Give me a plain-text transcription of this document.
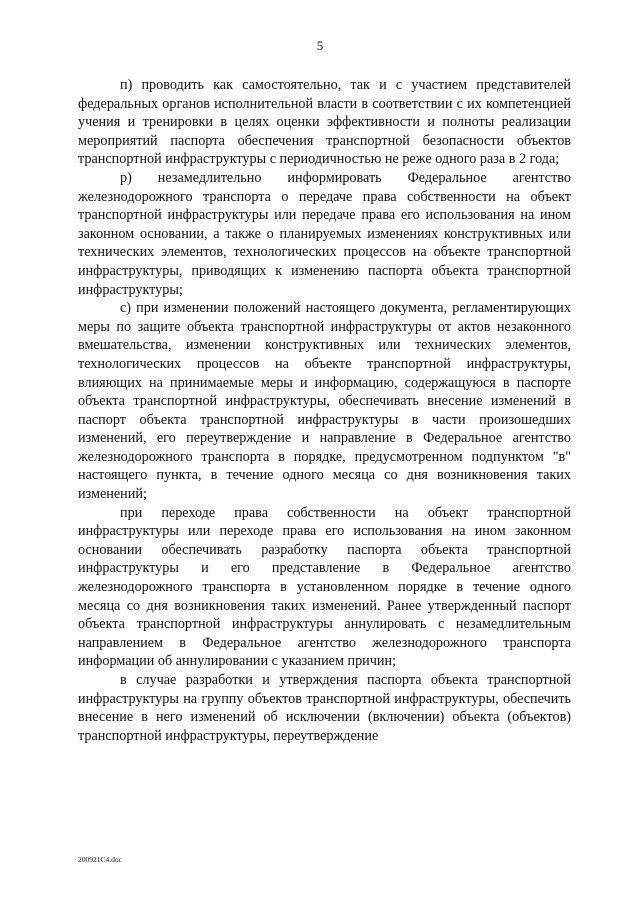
5

п) проводить как самостоятельно, так и с участием представителей федеральных органов исполнительной власти в соответствии с их компетенцией учения и тренировки в целях оценки эффективности и полноты реализации мероприятий паспорта обеспечения транспортной безопасности объектов транспортной инфраструктуры с периодичностью не реже одного раза в 2 года;

р) незамедлительно информировать Федеральное агентство железнодорожного транспорта о передаче права собственности на объект транспортной инфраструктуры или передаче права его использования на ином законном основании, а также о планируемых изменениях конструктивных или технических элементов, технологических процессов на объекте транспортной инфраструктуры, приводящих к изменению паспорта объекта транспортной инфраструктуры;

с) при изменении положений настоящего документа, регламентирующих меры по защите объекта транспортной инфраструктуры от актов незаконного вмешательства, изменении конструктивных или технических элементов, технологических процессов на объекте транспортной инфраструктуры, влияющих на принимаемые меры и информацию, содержащуюся в паспорте объекта транспортной инфраструктуры, обеспечивать внесение изменений в паспорт объекта транспортной инфраструктуры в части произошедших изменений, его переутверждение и направление в Федеральное агентство железнодорожного транспорта в порядке, предусмотренном подпунктом "в" настоящего пункта, в течение одного месяца со дня возникновения таких изменений;

при переходе права собственности на объект транспортной инфраструктуры или переходе права его использования на ином законном основании обеспечивать разработку паспорта объекта транспортной инфраструктуры и его представление в Федеральное агентство железнодорожного транспорта в установленном порядке в течение одного месяца со дня возникновения таких изменений. Ранее утвержденный паспорт объекта транспортной инфраструктуры аннулировать с незамедлительным направлением в Федеральное агентство железнодорожного транспорта информации об аннулировании с указанием причин;

в случае разработки и утверждения паспорта объекта транспортной инфраструктуры на группу объектов транспортной инфраструктуры, обеспечить внесение в него изменений об исключении (включении) объекта (объектов) транспортной инфраструктуры, переутверждение

200921С4.doc
